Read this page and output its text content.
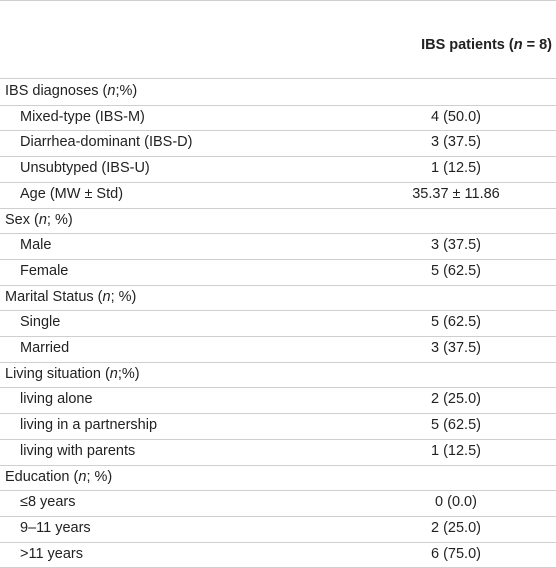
IBS patients (n = 8)
IBS diagnoses (n;%)
Mixed-type (IBS-M)	4 (50.0)
Diarrhea-dominant (IBS-D)	3 (37.5)
Unsubtyped (IBS-U)	1 (12.5)
Age (MW ± Std)	35.37 ± 11.86
Sex (n; %)
Male	3 (37.5)
Female	5 (62.5)
Marital Status (n; %)
Single	5 (62.5)
Married	3 (37.5)
Living situation (n;%)
living alone	2 (25.0)
living in a partnership	5 (62.5)
living with parents	1 (12.5)
Education (n; %)
≤8 years	0 (0.0)
9–11 years	2 (25.0)
>11 years	6 (75.0)
